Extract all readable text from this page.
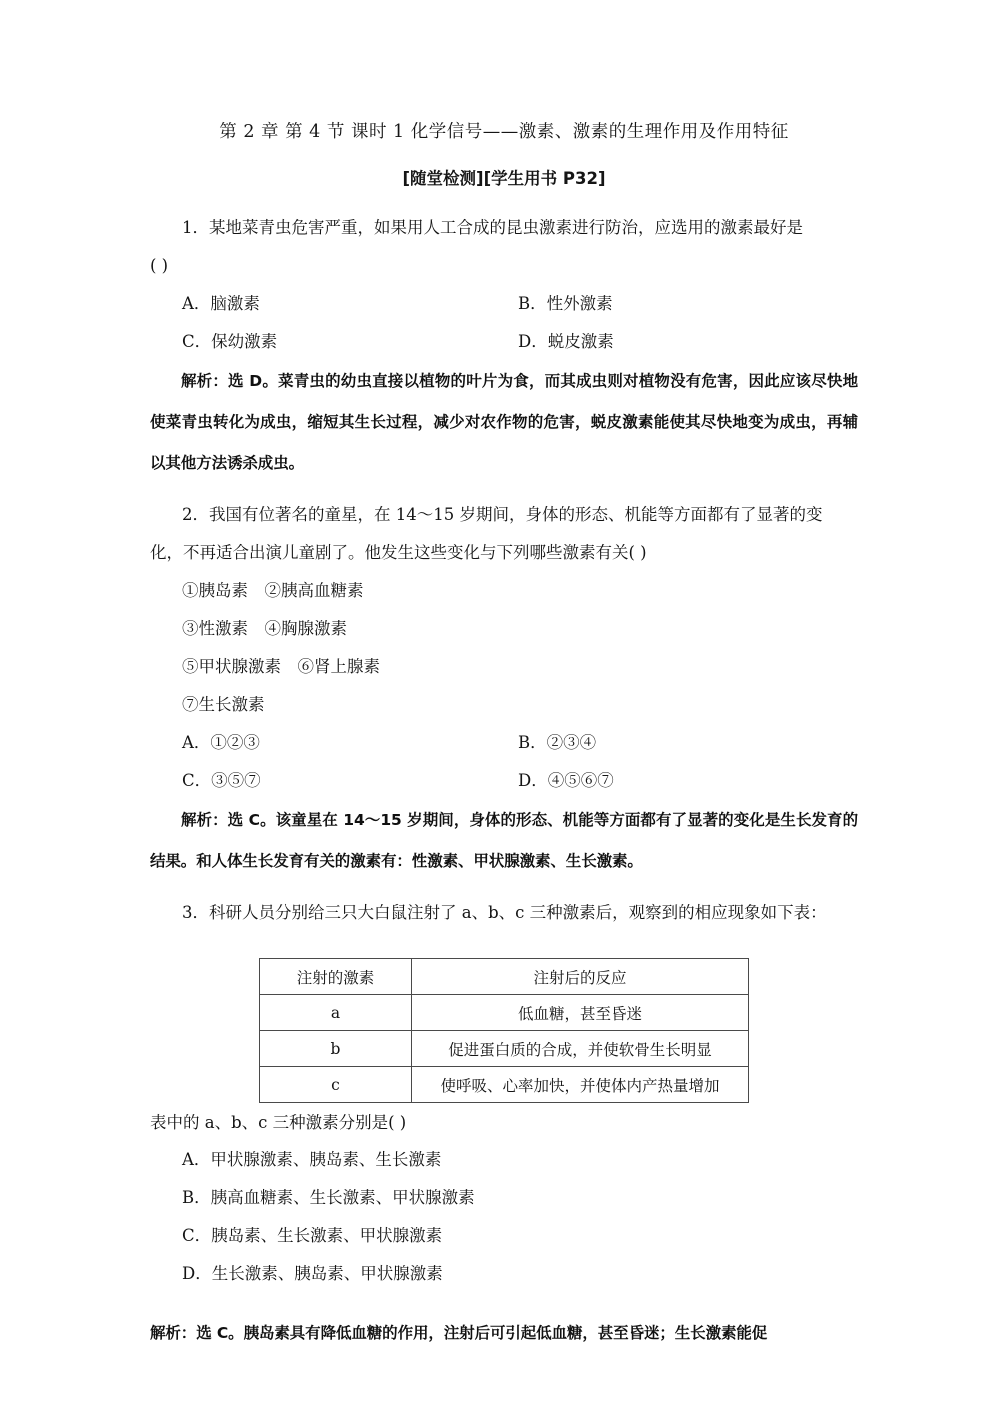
第 2 章 第 4 节 课时 1 化学信号——激素、激素的生理作用及作用特征
[随堂检测][学生用书 P32]

1．某地菜青虫危害严重，如果用人工合成的昆虫激素进行防治，应选用的激素最好是

( )

A．脑激素	B．性外激素
C．保幼激素	D．蜕皮激素

解析：选 D。菜青虫的幼虫直接以植物的叶片为食，而其成虫则对植物没有危害，因此应该尽快地使菜青虫转化为成虫，缩短其生长过程，减少对农作物的危害，蜕皮激素能使其尽快地变为成虫，再辅以其他方法诱杀成虫。

2．我国有位著名的童星，在 14～15 岁期间，身体的形态、机能等方面都有了显著的变

化，不再适合出演儿童剧了。他发生这些变化与下列哪些激素有关( )

①胰岛素　②胰高血糖素
③性激素　④胸腺激素
⑤甲状腺激素　⑥肾上腺素
⑦生长激素
A．①②③	B．②③④
C．③⑤⑦	D．④⑤⑥⑦

解析：选 C。该童星在 14～15 岁期间，身体的形态、机能等方面都有了显著的变化是生长发育的结果。和人体生长发育有关的激素有：性激素、甲状腺激素、生长激素。

3．科研人员分别给三只大白鼠注射了 a、b、c 三种激素后，观察到的相应现象如下表：

注射的激素	注射后的反应
a	低血糖，甚至昏迷
b	促进蛋白质的合成，并使软骨生长明显
c	使呼吸、心率加快，并使体内产热量增加

表中的 a、b、c 三种激素分别是( )

A．甲状腺激素、胰岛素、生长激素
B．胰高血糖素、生长激素、甲状腺激素
C．胰岛素、生长激素、甲状腺激素
D．生长激素、胰岛素、甲状腺激素

解析：选 C。胰岛素具有降低血糖的作用，注射后可引起低血糖，甚至昏迷；生长激素能促
